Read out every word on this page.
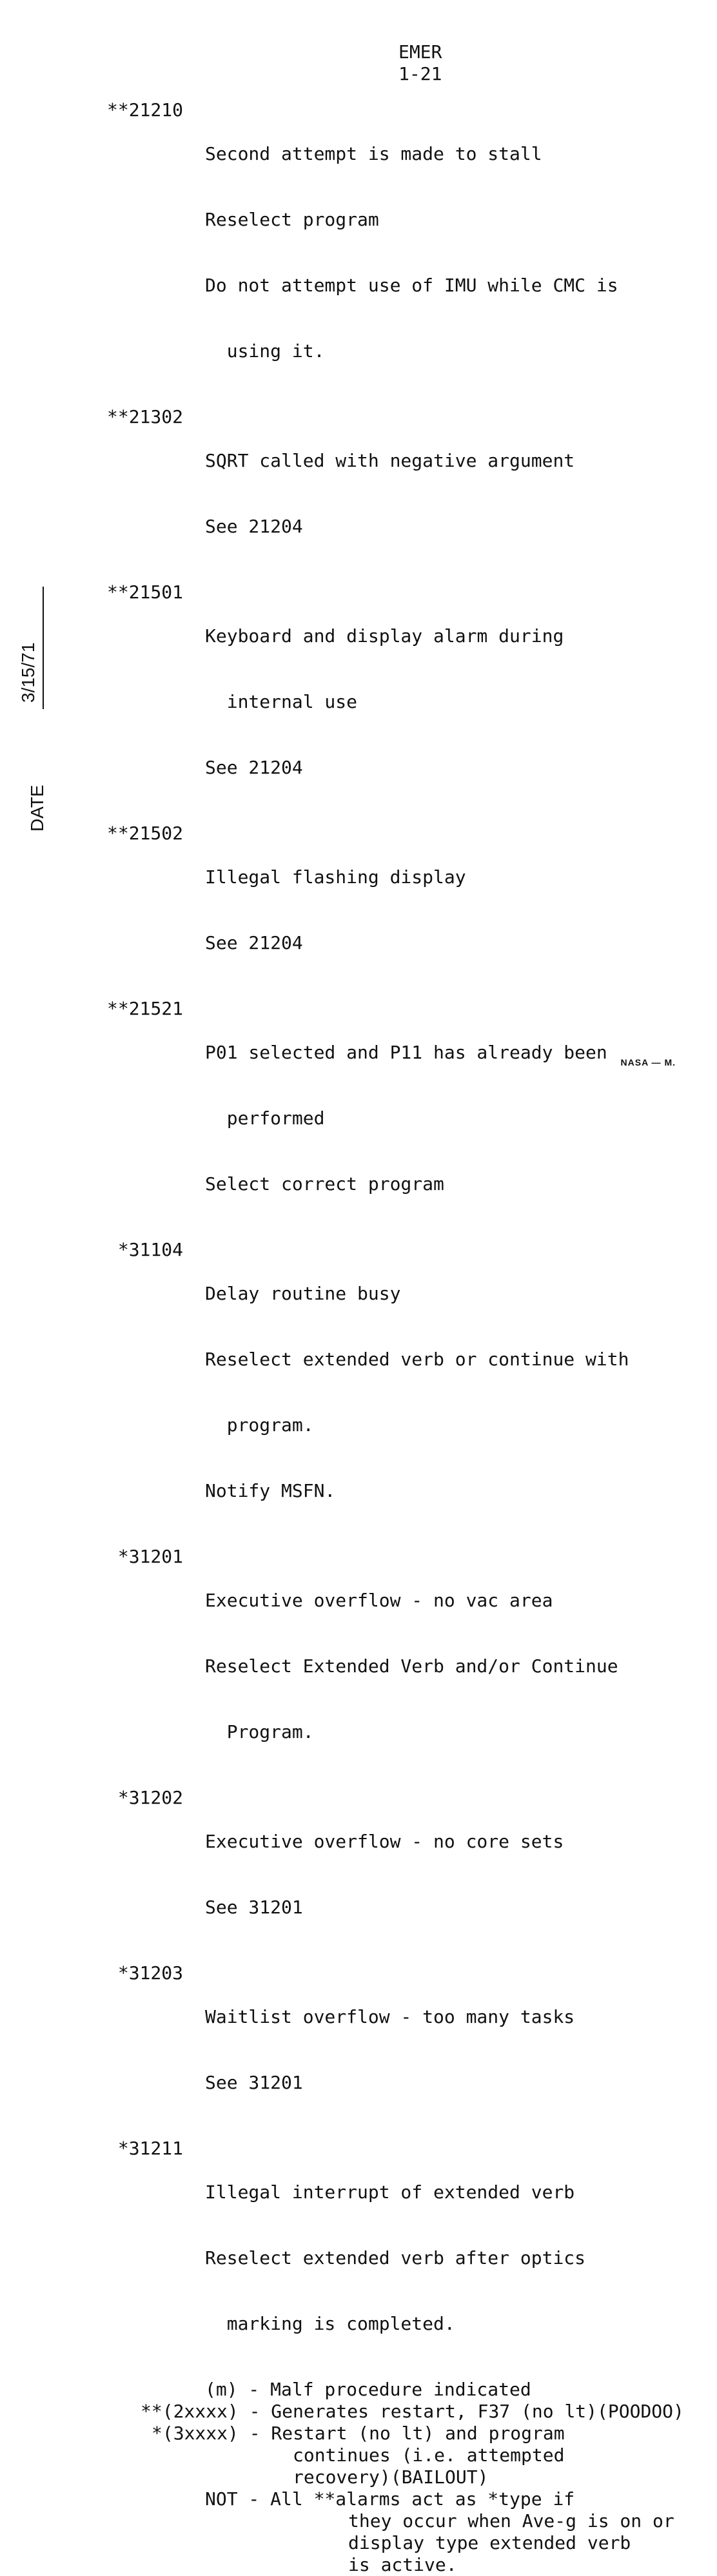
EMER
1-21
**21210

Second attempt is made to stall

Reselect program

Do not attempt use of IMU while CMC is

using it.

**21302

SQRT called with negative argument

See 21204

**21501

Keyboard and display alarm during

internal use

See 21204

**21502

Illegal flashing display

See 21204

**21521

P01 selected and P11 has already been

performed

Select correct program

*31104

Delay routine busy

Reselect extended verb or continue with

program.

Notify MSFN.

*31201

Executive overflow - no vac area

Reselect Extended Verb and/or Continue

Program.

*31202

Executive overflow - no core sets

See 31201

*31203

Waitlist overflow - too many tasks

See 31201

*31211

Illegal interrupt of extended verb

Reselect extended verb after optics

marking is completed.

(m) - Malf procedure indicated
**(2xxxx) - Generates restart, F37 (no lt)(POODOO)
*(3xxxx) - Restart (no lt) and program
continues (i.e. attempted
recovery)(BAILOUT)
NOT - All **alarms act as *type if
they occur when Ave-g is on or
display type extended verb
is active.
DATE
3/15/71
NASA — M.
